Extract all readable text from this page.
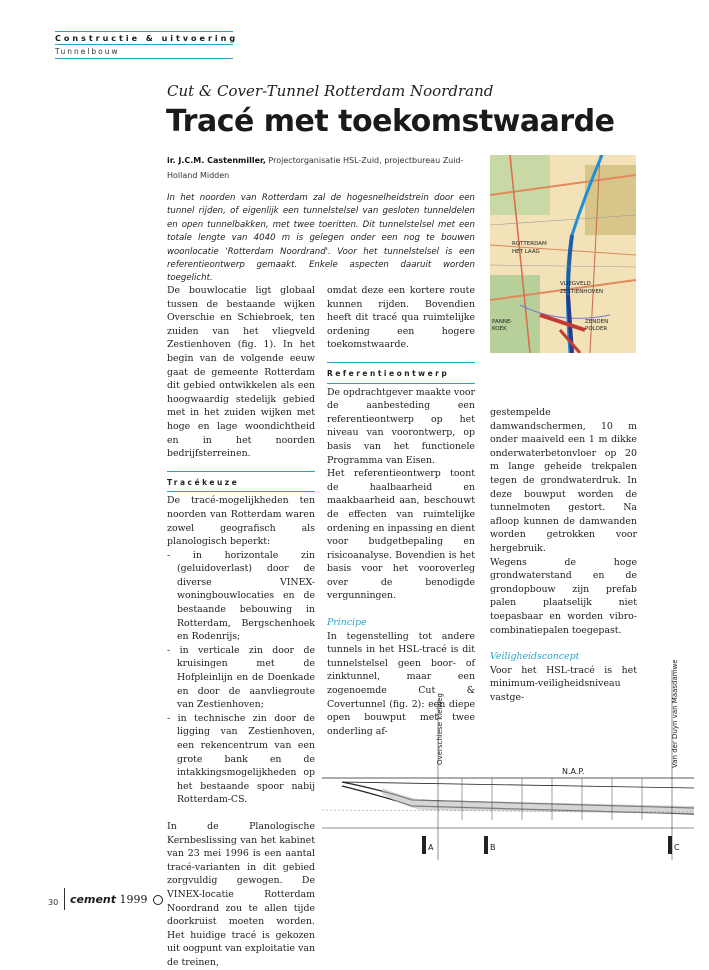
Constructie & uitvoering
Tunnelbouw
Cut & Cover-Tunnel Rotterdam Noordrand
Tracé met toekomstwaarde
ir. J.C.M. Castenmiller, Projectorganisatie HSL-Zuid, projectbureau Zuid-Holland Midden
In het noorden van Rotterdam zal de hogesnelheidstrein door een tunnel rijden, of eigenlijk een tunnelstelsel van gesloten tunneldelen en open tunnelbakken, met twee toeritten. Dit tunnelstelsel met een totale lengte van 4040 m is gelegen onder een nog te bouwen woonlocatie 'Rotterdam Noordrand'. Voor het tunnelstelsel is een referentieontwerp gemaakt. Enkele aspecten daaruit worden toegelicht.
ROTTERDAM
HET LAAG
VLIEGVELD
ZESTIENHOVEN
PANNE-
KOEK
ZENDEN
POLDER

De bouwlocatie ligt globaal tussen de bestaande wijken Overschie en Schiebroek, ten zuiden van het vliegveld Zestienhoven (fig. 1). In het begin van de volgende eeuw gaat de gemeente Rotterdam dit gebied ontwikkelen als een hoogwaardig stedelijk gebied met in het zuiden wijken met hoge en lage woondichtheid en in het noorden bedrijfsterreinen.

Tracékeuze

De tracé-mogelijkheden ten noorden van Rotterdam waren zowel geografisch als planologisch beperkt:

- in horizontale zin (geluidoverlast) door de diverse VINEX-woningbouwlocaties en de bestaande bebouwing in Rotterdam, Bergschenhoek en Rodenrijs;
- in verticale zin door de kruisingen met de Hofpleinlijn en de Doenkade en door de aanvliegroute van Zestienhoven;
- in technische zin door de ligging van Zestienhoven, een rekencentrum van een grote bank en de intakkingsmogelijkheden op het bestaande spoor nabij Rotterdam-CS.

In de Planologische Kernbeslissing van het kabinet van 23 mei 1996 is een aantal tracé-varianten in dit gebied zorgvuldig gewogen. De VINEX-locatie Rotterdam Noordrand zou te allen tijde doorkruist moeten worden. Het huidige tracé is gekozen uit oogpunt van exploitatie van de treinen,

omdat deze een kortere route kunnen rijden. Bovendien heeft dit tracé qua ruimtelijke ordening een hogere toekomstwaarde.

Referentieontwerp

De opdrachtgever maakte voor de aanbesteding een referentieontwerp op het niveau van voorontwerp, op basis van het functionele Programma van Eisen.

Het referentieontwerp toont de haalbaarheid en maakbaarheid aan, beschouwt de effecten van ruimtelijke ordening en inpassing en dient voor budgetbepaling en risicoanalyse. Bovendien is het basis voor het vooroverleg over de benodigde vergunningen.

Principe

In tegenstelling tot andere tunnels in het HSL-tracé is dit tunnelstelsel geen boor- of zinktunnel, maar een zogenoemde Cut & Covertunnel (fig. 2): een diepe open bouwput met twee onderling af-

gestempelde damwandschermen, 10 m onder maaiveld een 1 m dikke onderwaterbetonvloer op 20 m lange geheide trekpalen tegen de grondwaterdruk. In deze bouwput worden de tunnelmoten gestort. Na afloop kunnen de damwanden worden getrokken voor hergebruik.

Wegens de hoge grondwaterstand en de grondopbouw zijn prefab palen plaatselijk niet toepasbaar en worden vibro-combinatiepalen toegepast.

Veiligheidsconcept

Voor het HSL-tracé is het minimum-veiligheidsniveau vastge-

A	B	C
N.A.P.
Overschiese kleiweg	Van der Duyn van Maasdamweg
30 cement 1999
